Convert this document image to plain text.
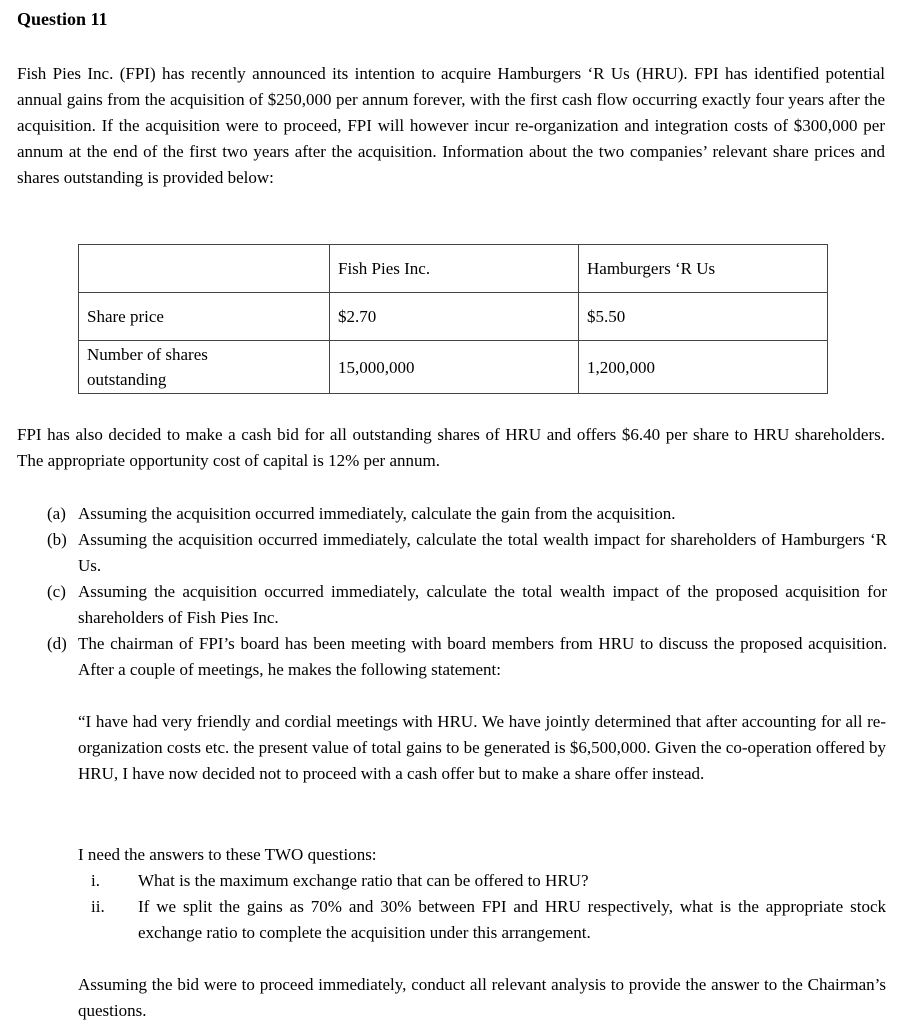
Question 11

Fish Pies Inc. (FPI) has recently announced its intention to acquire Hamburgers ‘R Us (HRU). FPI has identified potential annual gains from the acquisition of $250,000 per annum forever, with the first cash flow occurring exactly four years after the acquisition. If the acquisition were to proceed, FPI will however incur re-organization and integration costs of $300,000 per annum at the end of the first two years after the acquisition. Information about the two companies’ relevant share prices and shares outstanding is provided below:

	Fish Pies Inc.	Hamburgers ‘R Us
Share price	$2.70	$5.50
Number of shares outstanding	15,000,000	1,200,000

FPI has also decided to make a cash bid for all outstanding shares of HRU and offers $6.40 per share to HRU shareholders. The appropriate opportunity cost of capital is 12% per annum.

(a) Assuming the acquisition occurred immediately, calculate the gain from the acquisition.
(b) Assuming the acquisition occurred immediately, calculate the total wealth impact for shareholders of Hamburgers ‘R Us.
(c) Assuming the acquisition occurred immediately, calculate the total wealth impact of the proposed acquisition for shareholders of Fish Pies Inc.
(d) The chairman of FPI’s board has been meeting with board members from HRU to discuss the proposed acquisition. After a couple of meetings, he makes the following statement:

“I have had very friendly and cordial meetings with HRU. We have jointly determined that after accounting for all re-organization costs etc. the present value of total gains to be generated is $6,500,000. Given the co-operation offered by HRU, I have now decided not to proceed with a cash offer but to make a share offer instead.

I need the answers to these TWO questions:

i.	What is the maximum exchange ratio that can be offered to HRU?
ii.	If we split the gains as 70% and 30% between FPI and HRU respectively, what is the appropriate stock exchange ratio to complete the acquisition under this arrangement.

Assuming the bid were to proceed immediately, conduct all relevant analysis to provide the answer to the Chairman’s questions.
